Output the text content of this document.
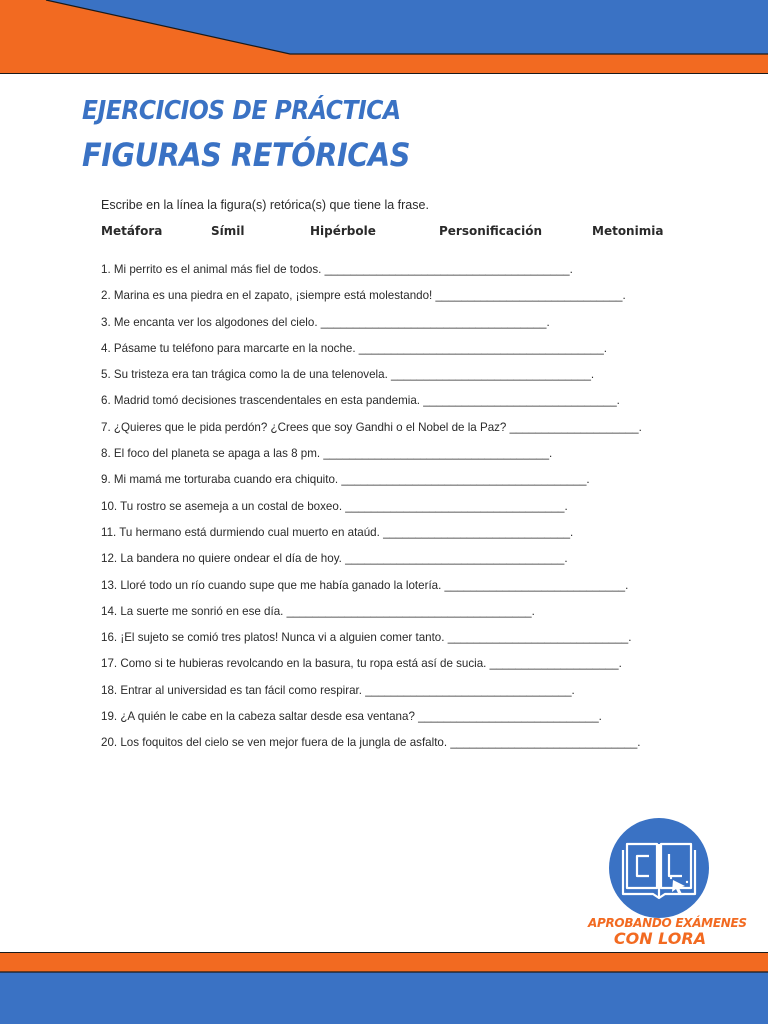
EJERCICIOS DE PRÁCTICA
FIGURAS RETÓRICAS
Escribe en la línea la figura(s) retórica(s) que tiene la frase.
Metáfora	Símil	Hipérbole	Personificación	Metonimia
1. Mi perrito es el animal más fiel de todos. ______________________________________.
2. Marina es una piedra en el zapato, ¡siempre está molestando! _____________________________.
3. Me encanta ver los algodones del cielo. ___________________________________.
4. Pásame tu teléfono para marcarte en la noche. ______________________________________.
5. Su tristeza era tan trágica como la de una telenovela. _______________________________.
6. Madrid tomó decisiones trascendentales en esta pandemia. ______________________________.
7. ¿Quieres que le pida perdón? ¿Crees que soy Gandhi o el Nobel de la Paz? ____________________.
8. El foco del planeta se apaga a las 8 pm. ___________________________________.
9. Mi mamá me torturaba cuando era chiquito. ______________________________________.
10. Tu rostro se asemeja a un costal de boxeo. __________________________________.
11. Tu hermano está durmiendo cual muerto en ataúd. _____________________________.
12. La bandera no quiere ondear el día de hoy. __________________________________.
13. Lloré todo un río cuando supe que me había ganado la lotería. ____________________________.
14. La suerte me sonrió en ese día. ______________________________________.
16. ¡El sujeto se comió tres platos! Nunca vi a alguien comer tanto. ____________________________.
17. Como si te hubieras revolcando en la basura, tu ropa está así de sucia. ____________________.
18. Entrar al universidad es tan fácil como respirar. ________________________________.
19. ¿A quién le cabe en la cabeza saltar desde esa ventana? ____________________________.
20. Los foquitos del cielo se ven mejor fuera de la jungla de asfalto. _____________________________.
APROBANDO EXÁMENES
CON LORA
